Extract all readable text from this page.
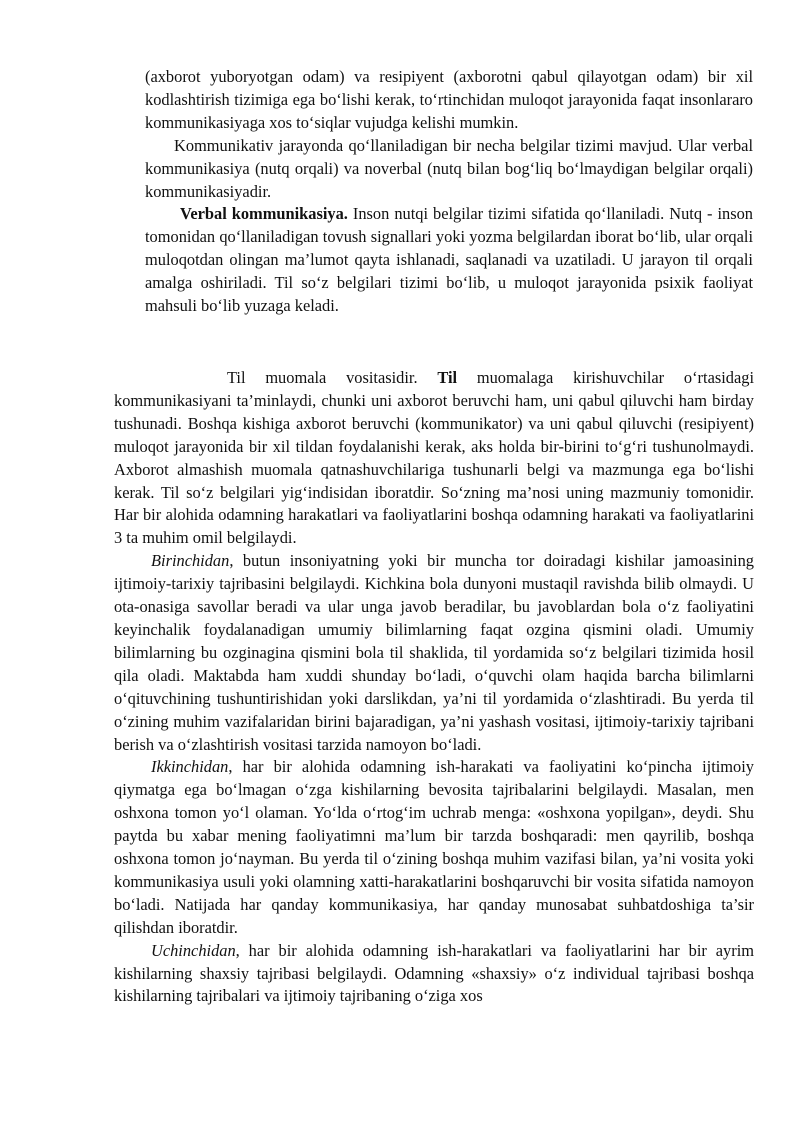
(axborot yuboryotgan odam) va resipiyent (axborotni qabul qilayotgan odam) bir xil kodlashtirish tizimiga ega bo‘lishi kerak, to‘rtinchidan muloqot jarayonida faqat insonlararo kommunikasiyaga xos to‘siqlar vujudga kelishi mumkin.

Kommunikativ jarayonda qo‘llaniladigan bir necha belgilar tizimi mavjud. Ular verbal kommunikasiya (nutq orqali) va noverbal (nutq bilan bog‘liq bo‘lmaydigan belgilar orqali) kommunikasiyadir.

Verbal kommunikasiya. Inson nutqi belgilar tizimi sifatida qo‘llaniladi. Nutq - inson tomonidan qo‘llaniladigan tovush signallari yoki yozma belgilardan iborat bo‘lib, ular orqali muloqotdan olingan ma’lumot qayta ishlanadi, saqlanadi va uzatiladi. U jarayon til orqali amalga oshiriladi. Til so‘z belgilari tizimi bo‘lib, u muloqot jarayonida psixik faoliyat mahsuli bo‘lib yuzaga keladi.

Til muomala vositasidir. Til muomalaga kirishuvchilar o‘rtasidagi kommunikasiyani ta’minlaydi, chunki uni axborot beruvchi ham, uni qabul qiluvchi ham birday tushunadi. Boshqa kishiga axborot beruvchi (kommunikator) va uni qabul qiluvchi (resipiyent) muloqot jarayonida bir xil tildan foydalanishi kerak, aks holda bir-birini to‘g‘ri tushunolmaydi. Axborot almashish muomala qatnashuvchilariga tushunarli belgi va mazmunga ega bo‘lishi kerak. Til so‘z belgilari yig‘indisidan iboratdir. So‘zning ma’nosi uning mazmuniy tomonidir. Har bir alohida odamning harakatlari va faoliyatlarini boshqa odamning harakati va faoliyatlarini 3 ta muhim omil belgilaydi.

Birinchidan, butun insoniyatning yoki bir muncha tor doiradagi kishilar jamoasining ijtimoiy-tarixiy tajribasini belgilaydi. Kichkina bola dunyoni mustaqil ravishda bilib olmaydi. U ota-onasiga savollar beradi va ular unga javob beradilar, bu javoblardan bola o‘z faoliyatini keyinchalik foydalanadigan umumiy bilimlarning faqat ozgina qismini oladi. Umumiy bilimlarning bu ozginagina qismini bola til shaklida, til yordamida so‘z belgilari tizimida hosil qila oladi. Maktabda ham xuddi shunday bo‘ladi, o‘quvchi olam haqida barcha bilimlarni o‘qituvchining tushuntirishidan yoki darslikdan, ya’ni til yordamida o‘zlashtiradi. Bu yerda til o‘zining muhim vazifalaridan birini bajaradigan, ya’ni yashash vositasi, ijtimoiy-tarixiy tajribani berish va o‘zlashtirish vositasi tarzida namoyon bo‘ladi.

Ikkinchidan, har bir alohida odamning ish-harakati va faoliyatini ko‘pincha ijtimoiy qiymatga ega bo‘lmagan o‘zga kishilarning bevosita tajribalarini belgilaydi. Masalan, men oshxona tomon yo‘l olaman. Yo‘lda o‘rtog‘im uchrab menga: «oshxona yopilgan», deydi. Shu paytda bu xabar mening faoliyatimni ma’lum bir tarzda boshqaradi: men qayrilib, boshqa oshxona tomon jo‘nayman. Bu yerda til o‘zining boshqa muhim vazifasi bilan, ya’ni vosita yoki kommunikasiya usuli yoki olamning xatti-harakatlarini boshqaruvchi bir vosita sifatida namoyon bo‘ladi. Natijada har qanday kommunikasiya, har qanday munosabat suhbatdoshiga ta’sir qilishdan iboratdir.

Uchinchidan, har bir alohida odamning ish-harakatlari va faoliyatlarini har bir ayrim kishilarning shaxsiy tajribasi belgilaydi. Odamning «shaxsiy» o‘z individual tajribasi boshqa kishilarning tajribalari va ijtimoiy tajribaning o‘ziga xos
